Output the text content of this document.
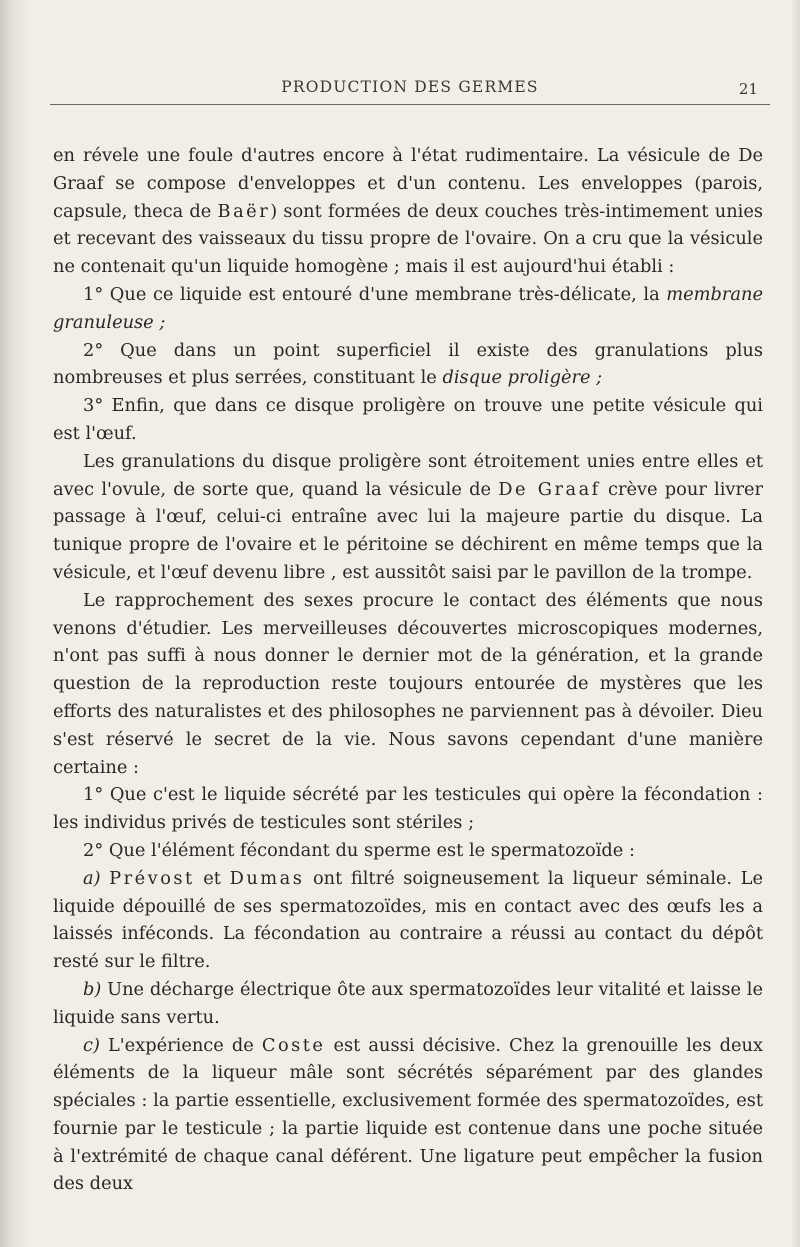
PRODUCTION DES GERMES	21

en révele une foule d'autres encore à l'état rudimentaire. La vésicule de De Graaf se compose d'enveloppes et d'un contenu. Les enveloppes (parois, capsule, theca de Baër) sont formées de deux couches très-intimement unies et recevant des vaisseaux du tissu propre de l'ovaire. On a cru que la vésicule ne contenait qu'un liquide homogène ; mais il est aujourd'hui établi :

1° Que ce liquide est entouré d'une membrane très-délicate, la membrane granuleuse ;

2° Que dans un point superficiel il existe des granulations plus nombreuses et plus serrées, constituant le disque proligère ;

3° Enfin, que dans ce disque proligère on trouve une petite vésicule qui est l'œuf.

Les granulations du disque proligère sont étroitement unies entre elles et avec l'ovule, de sorte que, quand la vésicule de De Graaf crève pour livrer passage à l'œuf, celui-ci entraîne avec lui la majeure partie du disque. La tunique propre de l'ovaire et le péritoine se déchirent en même temps que la vésicule, et l'œuf devenu libre , est aussitôt saisi par le pavillon de la trompe.

Le rapprochement des sexes procure le contact des éléments que nous venons d'étudier. Les merveilleuses découvertes microscopiques modernes, n'ont pas suffi à nous donner le dernier mot de la génération, et la grande question de la reproduction reste toujours entourée de mystères que les efforts des naturalistes et des philosophes ne parviennent pas à dévoiler. Dieu s'est réservé le secret de la vie. Nous savons cependant d'une manière certaine :

1° Que c'est le liquide sécrété par les testicules qui opère la fécondation : les individus privés de testicules sont stériles ;

2° Que l'élément fécondant du sperme est le spermatozoïde :

a) Prévost et Dumas ont filtré soigneusement la liqueur séminale. Le liquide dépouillé de ses spermatozoïdes, mis en contact avec des œufs les a laissés inféconds. La fécondation au contraire a réussi au contact du dépôt resté sur le filtre.

b) Une décharge électrique ôte aux spermatozoïdes leur vitalité et laisse le liquide sans vertu.

c) L'expérience de Coste est aussi décisive. Chez la grenouille les deux éléments de la liqueur mâle sont sécrétés séparément par des glandes spéciales : la partie essentielle, exclusivement formée des spermatozoïdes, est fournie par le testicule ; la partie liquide est contenue dans une poche située à l'extrémité de chaque canal déférent. Une ligature peut empêcher la fusion des deux
